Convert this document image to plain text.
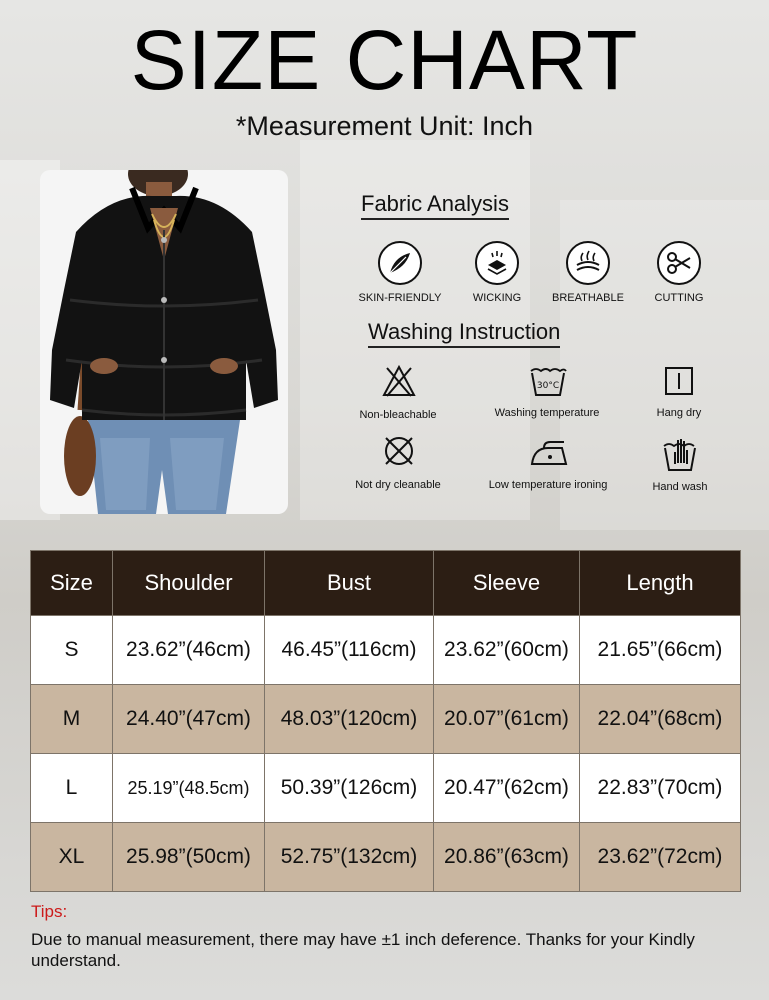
SIZE CHART
*Measurement Unit: Inch
Fabric Analysis
SKIN-FRIENDLY	WICKING	BREATHABLE	CUTTING
Washing Instruction
Non-bleachable
30°C
Washing temperature	Hang dry
Not dry cleanable	Low temperature ironing	Hand wash
Size	Shoulder	Bust	Sleeve	Length
S	23.62”(46cm)	46.45”(116cm)	23.62”(60cm)	21.65”(66cm)
M	24.40”(47cm)	48.03”(120cm)	20.07”(61cm)	22.04”(68cm)
L	25.19”(48.5cm)	50.39”(126cm)	20.47”(62cm)	22.83”(70cm)
XL	25.98”(50cm)	52.75”(132cm)	20.86”(63cm)	23.62”(72cm)
Tips:
Due to manual measurement, there may have ±1 inch deference. Thanks for your Kindly understand.
